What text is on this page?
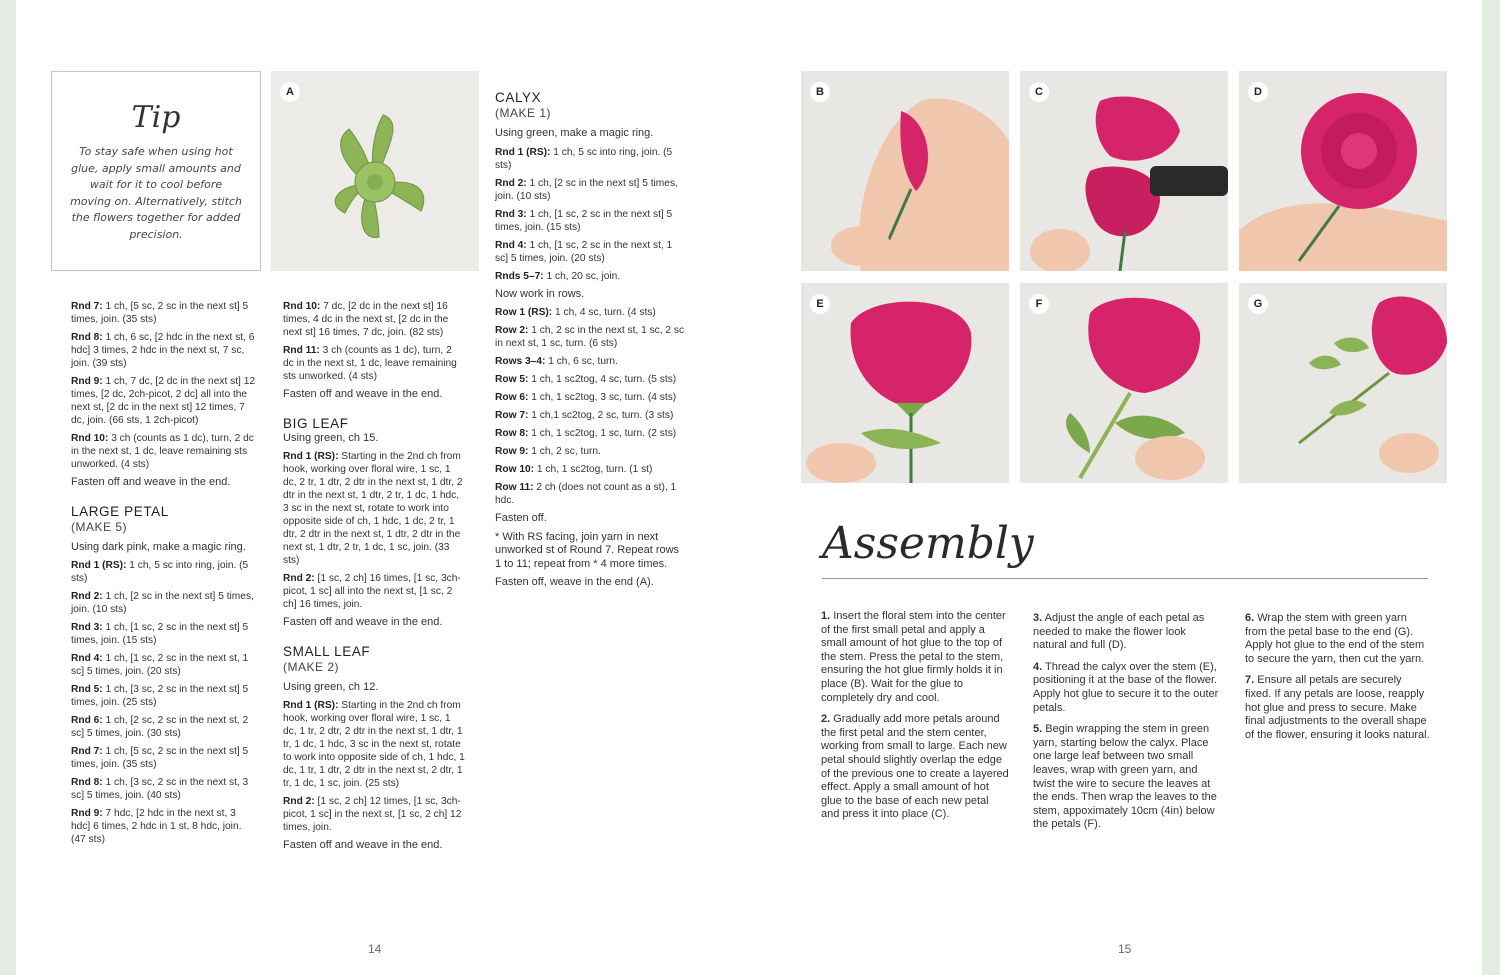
Tip
To stay safe when using hot glue, apply small amounts and wait for it to cool before moving on. Alternatively, stitch the flowers together for added precision.
A

Rnd 7: 1 ch, [5 sc, 2 sc in the next st] 5 times, join. (35 sts)

Rnd 8: 1 ch, 6 sc, [2 hdc in the next st, 6 hdc] 3 times, 2 hdc in the next st, 7 sc, join. (39 sts)

Rnd 9: 1 ch, 7 dc, [2 dc in the next st] 12 times, [2 dc, 2ch-picot, 2 dc] all into the next st, [2 dc in the next st] 12 times, 7 dc, join. (66 sts, 1 2ch-picot)

Rnd 10: 3 ch (counts as 1 dc), turn, 2 dc in the next st, 1 dc, leave remaining sts unworked. (4 sts)

Fasten off and weave in the end.

LARGE PETAL
(MAKE 5)

Using dark pink, make a magic ring.

Rnd 1 (RS): 1 ch, 5 sc into ring, join. (5 sts)

Rnd 2: 1 ch, [2 sc in the next st] 5 times, join. (10 sts)

Rnd 3: 1 ch, [1 sc, 2 sc in the next st] 5 times, join. (15 sts)

Rnd 4: 1 ch, [1 sc, 2 sc in the next st, 1 sc] 5 times, join. (20 sts)

Rnd 5: 1 ch, [3 sc, 2 sc in the next st] 5 times, join. (25 sts)

Rnd 6: 1 ch, [2 sc, 2 sc in the next st, 2 sc] 5 times, join. (30 sts)

Rnd 7: 1 ch, [5 sc, 2 sc in the next st] 5 times, join. (35 sts)

Rnd 8: 1 ch, [3 sc, 2 sc in the next st, 3 sc] 5 times, join. (40 sts)

Rnd 9: 7 hdc, [2 hdc in the next st, 3 hdc] 6 times, 2 hdc in 1 st, 8 hdc, join. (47 sts)

Rnd 10: 7 dc, [2 dc in the next st] 16 times, 4 dc in the next st, [2 dc in the next st] 16 times, 7 dc, join. (82 sts)

Rnd 11: 3 ch (counts as 1 dc), turn, 2 dc in the next st, 1 dc, leave remaining sts unworked. (4 sts)

Fasten off and weave in the end.

BIG LEAF

Using green, ch 15.

Rnd 1 (RS): Starting in the 2nd ch from hook, working over floral wire, 1 sc, 1 dc, 2 tr, 1 dtr, 2 dtr in the next st, 1 dtr, 2 dtr in the next st, 1 dtr, 2 tr, 1 dc, 1 hdc, 3 sc in the next st, rotate to work into opposite side of ch, 1 hdc, 1 dc, 2 tr, 1 dtr, 2 dtr in the next st, 1 dtr, 2 dtr in the next st, 1 dtr, 2 tr, 1 dc, 1 sc, join. (33 sts)

Rnd 2: [1 sc, 2 ch] 16 times, [1 sc, 3ch-picot, 1 sc] all into the next st, [1 sc, 2 ch] 16 times, join.

Fasten off and weave in the end.

SMALL LEAF
(MAKE 2)

Using green, ch 12.

Rnd 1 (RS): Starting in the 2nd ch from hook, working over floral wire, 1 sc, 1 dc, 1 tr, 2 dtr, 2 dtr in the next st, 1 dtr, 1 tr, 1 dc, 1 hdc, 3 sc in the next st, rotate to work into opposite side of ch, 1 hdc, 1 dc, 1 tr, 1 dtr, 2 dtr in the next st, 2 dtr, 1 tr, 1 dc, 1 sc, join. (25 sts)

Rnd 2: [1 sc, 2 ch] 12 times, [1 sc, 3ch-picot, 1 sc] in the next st, [1 sc, 2 ch] 12 times, join.

Fasten off and weave in the end.

CALYX
(MAKE 1)

Using green, make a magic ring.

Rnd 1 (RS): 1 ch, 5 sc into ring, join. (5 sts)

Rnd 2: 1 ch, [2 sc in the next st] 5 times, join. (10 sts)

Rnd 3: 1 ch, [1 sc, 2 sc in the next st] 5 times, join. (15 sts)

Rnd 4: 1 ch, [1 sc, 2 sc in the next st, 1 sc] 5 times, join. (20 sts)

Rnds 5–7: 1 ch, 20 sc, join.

Now work in rows.

Row 1 (RS): 1 ch, 4 sc, turn. (4 sts)

Row 2: 1 ch, 2 sc in the next st, 1 sc, 2 sc in next st, 1 sc, turn. (6 sts)

Rows 3–4: 1 ch, 6 sc, turn.

Row 5: 1 ch, 1 sc2tog, 4 sc, turn. (5 sts)

Row 6: 1 ch, 1 sc2tog, 3 sc, turn. (4 sts)

Row 7: 1 ch,1 sc2tog, 2 sc, turn. (3 sts)

Row 8: 1 ch, 1 sc2tog, 1 sc, turn. (2 sts)

Row 9: 1 ch, 2 sc, turn.

Row 10: 1 ch, 1 sc2tog, turn. (1 st)

Row 11: 2 ch (does not count as a st), 1 hdc.

Fasten off.

* With RS facing, join yarn in next unworked st of Round 7. Repeat rows 1 to 11; repeat from * 4 more times.

Fasten off, weave in the end (A).

14
B	C	D
E	F	G
Assembly

1. Insert the floral stem into the center of the first small petal and apply a small amount of hot glue to the top of the stem. Press the petal to the stem, ensuring the hot glue firmly holds it in place (B). Wait for the glue to completely dry and cool.

2. Gradually add more petals around the first petal and the stem center, working from small to large. Each new petal should slightly overlap the edge of the previous one to create a layered effect. Apply a small amount of hot glue to the base of each new petal and press it into place (C).

3. Adjust the angle of each petal as needed to make the flower look natural and full (D).

4. Thread the calyx over the stem (E), positioning it at the base of the flower. Apply hot glue to secure it to the outer petals.

5. Begin wrapping the stem in green yarn, starting below the calyx. Place one large leaf between two small leaves, wrap with green yarn, and twist the wire to secure the leaves at the ends. Then wrap the leaves to the stem, appoximately 10cm (4in) below the petals (F).

6. Wrap the stem with green yarn from the petal base to the end (G). Apply hot glue to the end of the stem to secure the yarn, then cut the yarn.

7. Ensure all petals are securely fixed. If any petals are loose, reapply hot glue and press to secure. Make final adjustments to the overall shape of the flower, ensuring it looks natural.

15
